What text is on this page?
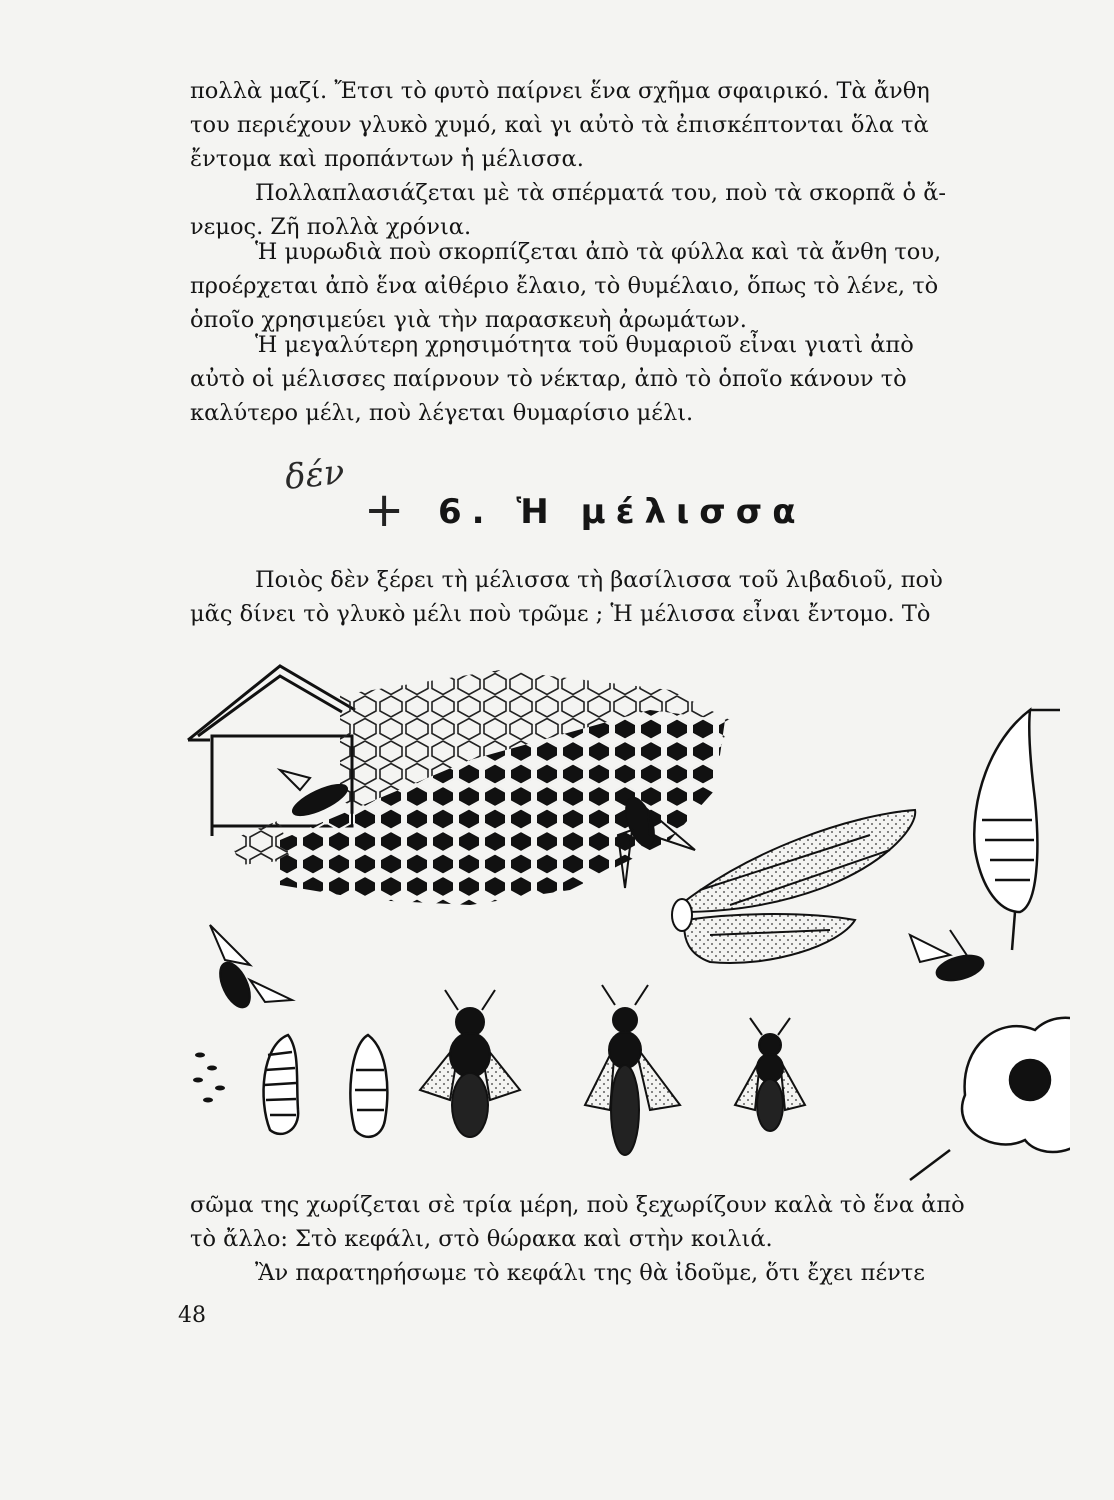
πολλὰ μαζί. Ἔτσι τὸ φυτὸ παίρνει ἕνα σχῆμα σφαιρικό. Τὰ ἄνθη
του περιέχουν γλυκὸ χυμό, καὶ γι αὐτὸ τὰ ἐπισκέπτονται ὅλα τὰ
ἔντομα καὶ προπάντων ἡ μέλισσα.
Πολλαπλασιάζεται μὲ τὰ σπέρματά του, ποὺ τὰ σκορπᾶ ὁ ἄ-
νεμος. Ζῆ πολλὰ χρόνια.
Ἡ μυρωδιὰ ποὺ σκορπίζεται ἀπὸ τὰ φύλλα καὶ τὰ ἄνθη του,
προέρχεται ἀπὸ ἕνα αἰθέριο ἔλαιο, τὸ θυμέλαιο, ὅπως τὸ λένε, τὸ
ὁποῖο χρησιμεύει γιὰ τὴν παρασκευὴ ἀρωμάτων.
Ἡ μεγαλύτερη χρησιμότητα τοῦ θυμαριοῦ εἶναι γιατὶ ἀπὸ
αὐτὸ οἱ μέλισσες παίρνουν τὸ νέκταρ, ἀπὸ τὸ ὁποῖο κάνουν τὸ
καλύτερο μέλι, ποὺ λέγεται θυμαρίσιο μέλι.
δέν
+ 6. Ἡ μέλισσα
Ποιὸς δὲν ξέρει τὴ μέλισσα τὴ βασίλισσα τοῦ λιβαδιοῦ, ποὺ
μᾶς δίνει τὸ γλυκὸ μέλι ποὺ τρῶμε ; Ἡ μέλισσα εἶναι ἔντομο. Τὸ
σῶμα της χωρίζεται σὲ τρία μέρη, ποὺ ξεχωρίζουν καλὰ τὸ ἕνα ἀπὸ
τὸ ἄλλο: Στὸ κεφάλι, στὸ θώρακα καὶ στὴν κοιλιά.
Ἂν παρατηρήσωμε τὸ κεφάλι της θὰ ἰδοῦμε, ὅτι ἔχει πέντε
48
